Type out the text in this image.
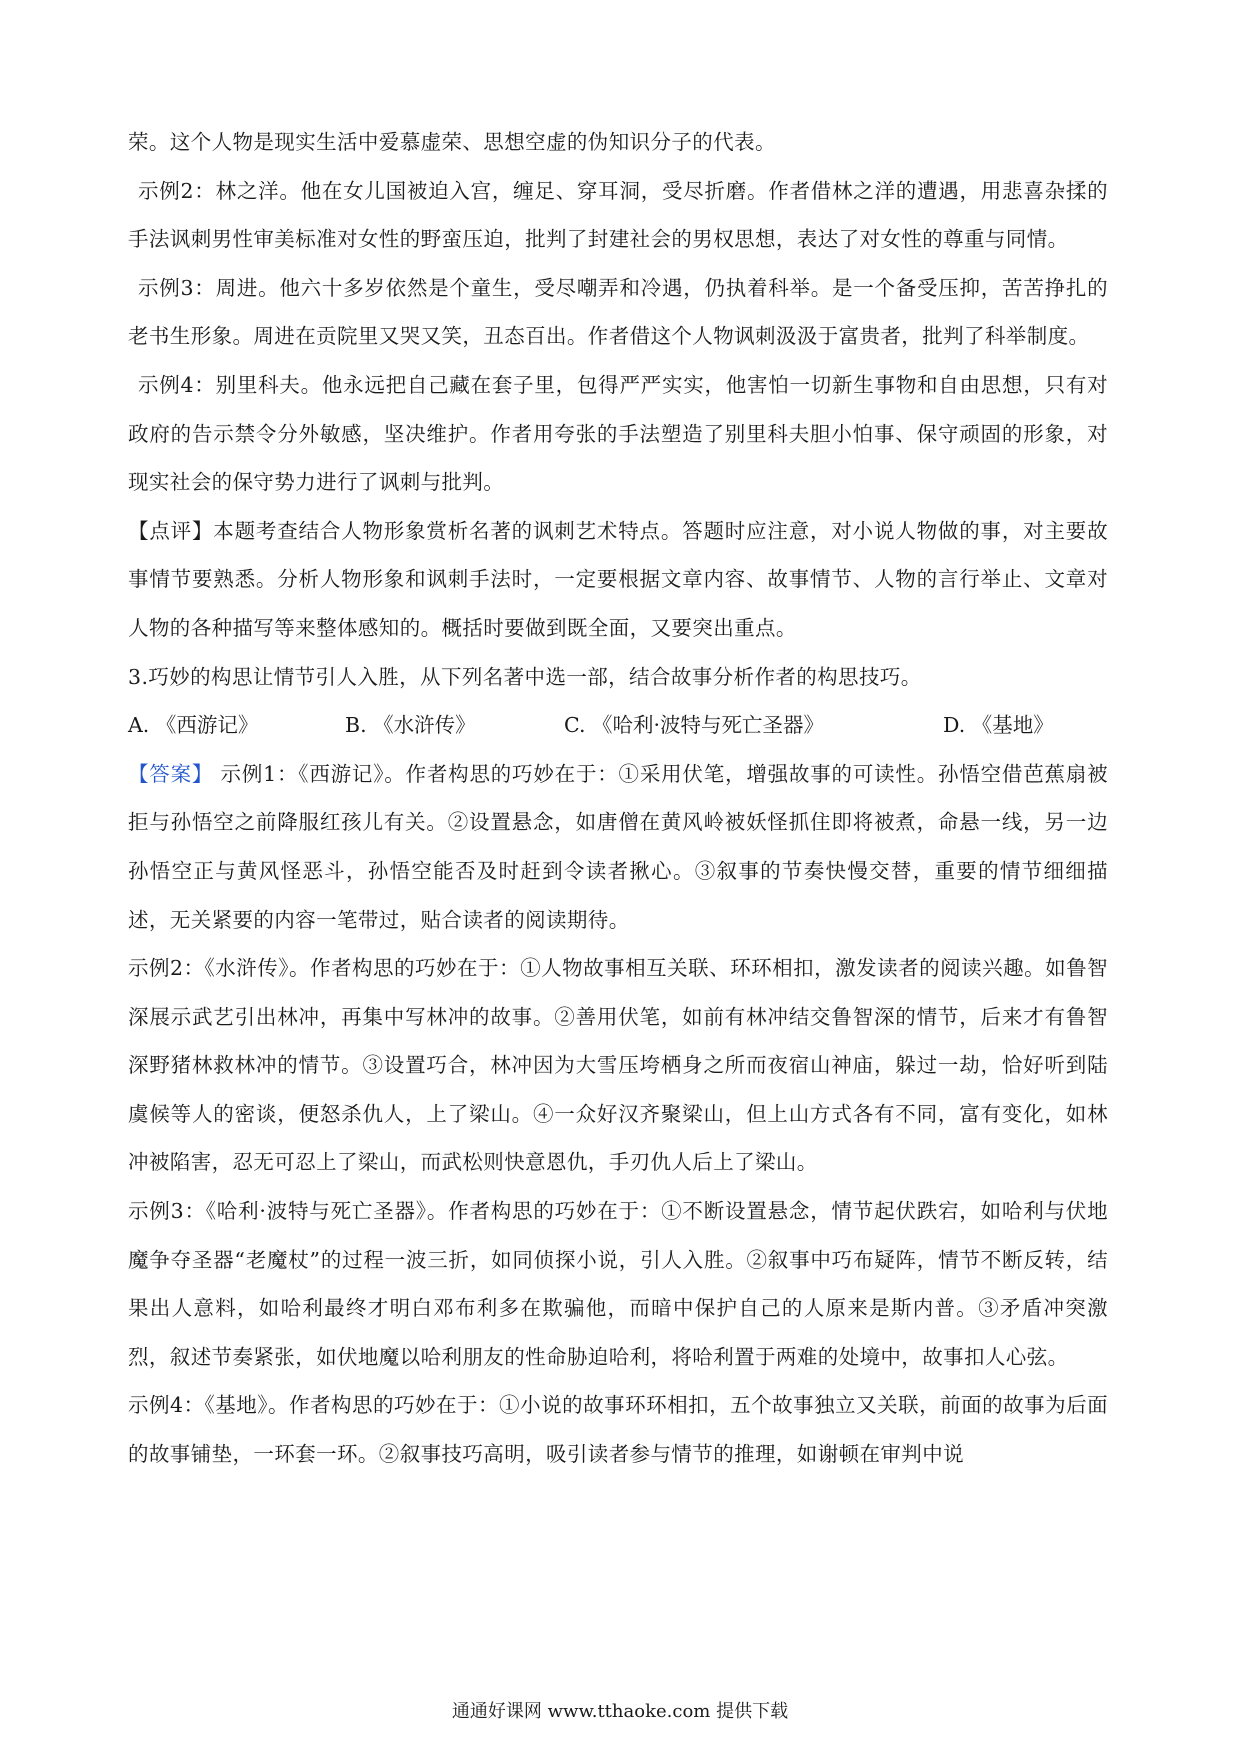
荣。这个人物是现实生活中爱慕虚荣、思想空虚的伪知识分子的代表。

示例2：林之洋。他在女儿国被迫入宫，缠足、穿耳洞，受尽折磨。作者借林之洋的遭遇，用悲喜杂揉的手法讽刺男性审美标准对女性的野蛮压迫，批判了封建社会的男权思想，表达了对女性的尊重与同情。

示例3：周进。他六十多岁依然是个童生，受尽嘲弄和冷遇，仍执着科举。是一个备受压抑，苦苦挣扎的老书生形象。周进在贡院里又哭又笑，丑态百出。作者借这个人物讽刺汲汲于富贵者，批判了科举制度。

示例4：别里科夫。他永远把自己藏在套子里，包得严严实实，他害怕一切新生事物和自由思想，只有对政府的告示禁令分外敏感，坚决维护。作者用夸张的手法塑造了别里科夫胆小怕事、保守顽固的形象，对现实社会的保守势力进行了讽刺与批判。

【点评】本题考查结合人物形象赏析名著的讽刺艺术特点。答题时应注意，对小说人物做的事，对主要故事情节要熟悉。分析人物形象和讽刺手法时，一定要根据文章内容、故事情节、人物的言行举止、文章对人物的各种描写等来整体感知的。概括时要做到既全面，又要突出重点。

3.巧妙的构思让情节引人入胜，从下列名著中选一部，结合故事分析作者的构思技巧。

A. 《西游记》	B. 《水浒传》	C. 《哈利·波特与死亡圣器》	D. 《基地》

【答案】 示例1：《西游记》。作者构思的巧妙在于：①采用伏笔，增强故事的可读性。孙悟空借芭蕉扇被拒与孙悟空之前降服红孩儿有关。②设置悬念，如唐僧在黄风岭被妖怪抓住即将被煮，命悬一线，另一边孙悟空正与黄风怪恶斗，孙悟空能否及时赶到令读者揪心。③叙事的节奏快慢交替，重要的情节细细描述，无关紧要的内容一笔带过，贴合读者的阅读期待。

示例2：《水浒传》。作者构思的巧妙在于：①人物故事相互关联、环环相扣，激发读者的阅读兴趣。如鲁智深展示武艺引出林冲，再集中写林冲的故事。②善用伏笔，如前有林冲结交鲁智深的情节，后来才有鲁智深野猪林救林冲的情节。③设置巧合，林冲因为大雪压垮栖身之所而夜宿山神庙，躲过一劫，恰好听到陆虞候等人的密谈，便怒杀仇人，上了梁山。④一众好汉齐聚梁山，但上山方式各有不同，富有变化，如林冲被陷害，忍无可忍上了梁山，而武松则快意恩仇，手刃仇人后上了梁山。

示例3：《哈利·波特与死亡圣器》。作者构思的巧妙在于：①不断设置悬念，情节起伏跌宕，如哈利与伏地魔争夺圣器“老魔杖”的过程一波三折，如同侦探小说，引人入胜。②叙事中巧布疑阵，情节不断反转，结果出人意料，如哈利最终才明白邓布利多在欺骗他，而暗中保护自己的人原来是斯内普。③矛盾冲突激烈，叙述节奏紧张，如伏地魔以哈利朋友的性命胁迫哈利，将哈利置于两难的处境中，故事扣人心弦。

示例4：《基地》。作者构思的巧妙在于：①小说的故事环环相扣，五个故事独立又关联，前面的故事为后面的故事铺垫，一环套一环。②叙事技巧高明，吸引读者参与情节的推理，如谢顿在审判中说

通通好课网 www.tthaoke.com 提供下载
